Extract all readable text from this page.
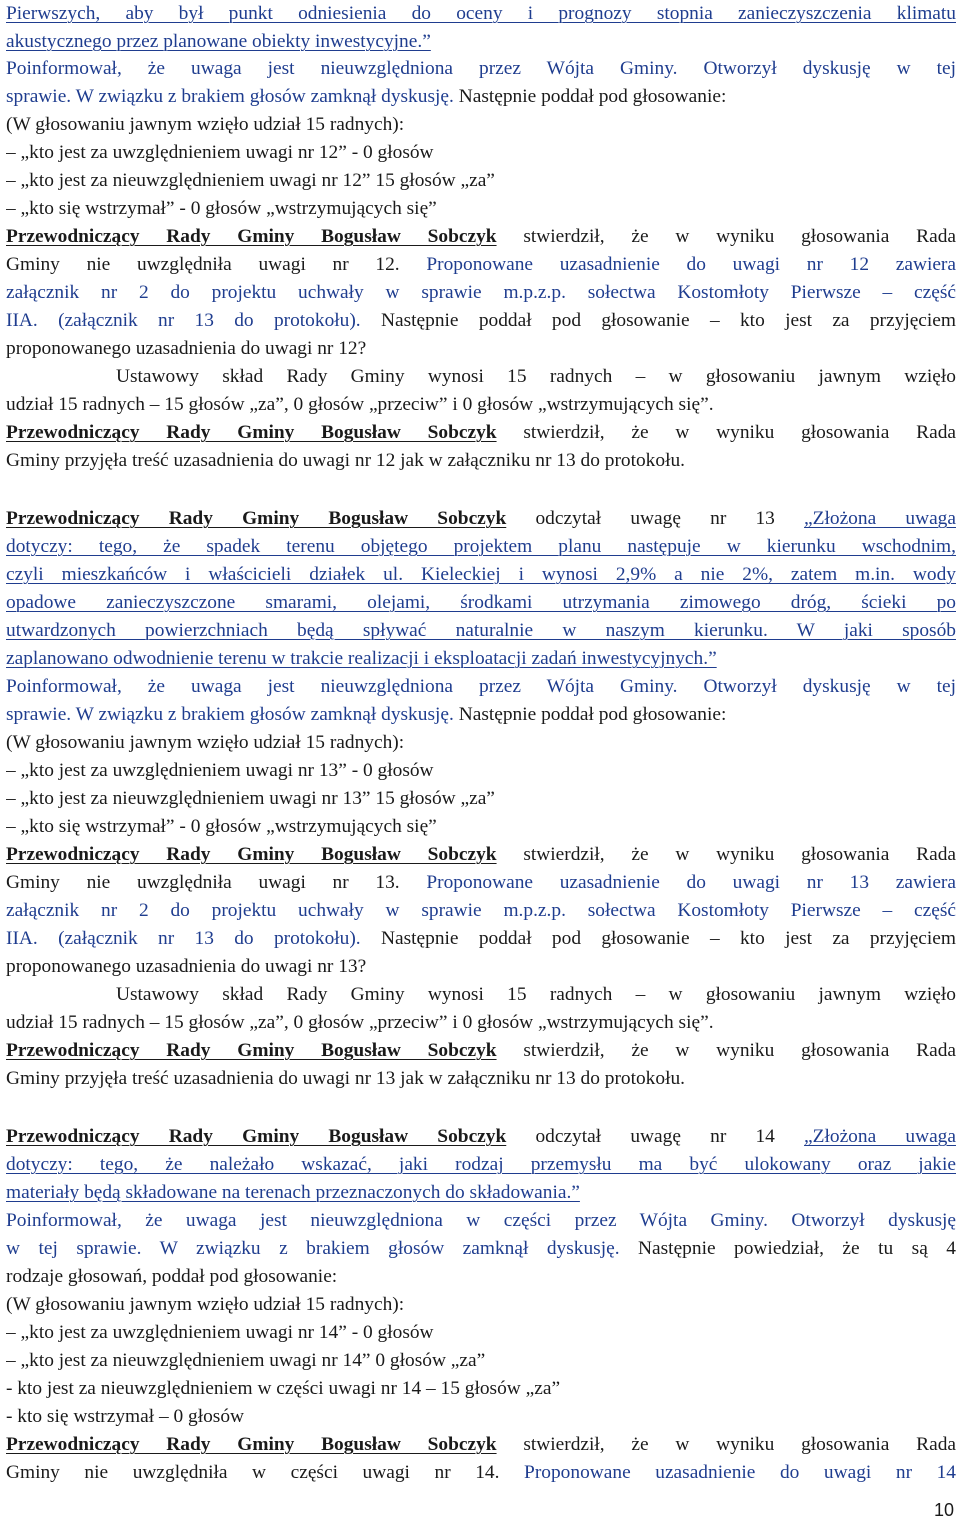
Pierwszych, aby był punkt odniesienia do oceny i prognozy stopnia zanieczyszczenia klimatu
akustycznego przez planowane obiekty inwestycyjne.”
Poinformował, że uwaga jest nieuwzględniona przez Wójta Gminy. Otworzył dyskusję w tej
sprawie. W związku z brakiem głosów zamknął dyskusję. Następnie poddał pod głosowanie:
(W głosowaniu jawnym wzięło udział 15 radnych):
– „kto jest za uwzględnieniem uwagi nr 12” - 0 głosów
– „kto jest za nieuwzględnieniem uwagi nr 12” 15 głosów „za”
– „kto się wstrzymał” - 0 głosów „wstrzymujących się”
Przewodniczący Rady Gminy Bogusław Sobczyk stwierdził, że w wyniku głosowania Rada
Gminy nie uwzględniła uwagi nr 12. Proponowane uzasadnienie do uwagi nr 12 zawiera
załącznik nr 2 do projektu uchwały w sprawie m.p.z.p. sołectwa Kostomłoty Pierwsze – część
IIA. (załącznik nr 13 do protokołu). Następnie poddał pod głosowanie – kto jest za przyjęciem
proponowanego uzasadnienia do uwagi nr 12?
Ustawowy skład Rady Gminy wynosi 15 radnych – w głosowaniu jawnym wzięło
udział 15 radnych – 15 głosów „za”, 0 głosów „przeciw” i 0 głosów „wstrzymujących się”.
Przewodniczący Rady Gminy Bogusław Sobczyk stwierdził, że w wyniku głosowania Rada
Gminy przyjęła treść uzasadnienia do uwagi nr 12 jak w załączniku nr 13 do protokołu.
Przewodniczący Rady Gminy Bogusław Sobczyk odczytał uwagę nr 13 „Złożona uwaga
dotyczy: tego, że spadek terenu objętego projektem planu następuje w kierunku wschodnim,
czyli mieszkańców i właścicieli działek ul. Kieleckiej i wynosi 2,9% a nie 2%, zatem m.in. wody
opadowe zanieczyszczone smarami, olejami, środkami utrzymania zimowego dróg, ścieki po
utwardzonych powierzchniach będą spływać naturalnie w naszym kierunku. W jaki sposób
zaplanowano odwodnienie terenu w trakcie realizacji i eksploatacji zadań inwestycyjnych.”
Poinformował, że uwaga jest nieuwzględniona przez Wójta Gminy. Otworzył dyskusję w tej
sprawie. W związku z brakiem głosów zamknął dyskusję. Następnie poddał pod głosowanie:
(W głosowaniu jawnym wzięło udział 15 radnych):
– „kto jest za uwzględnieniem uwagi nr 13” - 0 głosów
– „kto jest za nieuwzględnieniem uwagi nr 13” 15 głosów „za”
– „kto się wstrzymał” - 0 głosów „wstrzymujących się”
Przewodniczący Rady Gminy Bogusław Sobczyk stwierdził, że w wyniku głosowania Rada
Gminy nie uwzględniła uwagi nr 13. Proponowane uzasadnienie do uwagi nr 13 zawiera
załącznik nr 2 do projektu uchwały w sprawie m.p.z.p. sołectwa Kostomłoty Pierwsze – część
IIA. (załącznik nr 13 do protokołu). Następnie poddał pod głosowanie – kto jest za przyjęciem
proponowanego uzasadnienia do uwagi nr 13?
Ustawowy skład Rady Gminy wynosi 15 radnych – w głosowaniu jawnym wzięło
udział 15 radnych – 15 głosów „za”, 0 głosów „przeciw” i 0 głosów „wstrzymujących się”.
Przewodniczący Rady Gminy Bogusław Sobczyk stwierdził, że w wyniku głosowania Rada
Gminy przyjęła treść uzasadnienia do uwagi nr 13 jak w załączniku nr 13 do protokołu.
Przewodniczący Rady Gminy Bogusław Sobczyk odczytał uwagę nr 14 „Złożona uwaga
dotyczy: tego, że należało wskazać, jaki rodzaj przemysłu ma być ulokowany oraz jakie
materiały będą składowane na terenach przeznaczonych do składowania.”
Poinformował, że uwaga jest nieuwzględniona w części przez Wójta Gminy. Otworzył dyskusję
w tej sprawie. W związku z brakiem głosów zamknął dyskusję. Następnie powiedział, że tu są 4
rodzaje głosowań, poddał pod głosowanie:
(W głosowaniu jawnym wzięło udział 15 radnych):
– „kto jest za uwzględnieniem uwagi nr 14” - 0 głosów
– „kto jest za nieuwzględnieniem uwagi nr 14” 0 głosów „za”
- kto jest za nieuwzględnieniem w części uwagi nr 14 – 15 głosów „za”
- kto się wstrzymał – 0 głosów
Przewodniczący Rady Gminy Bogusław Sobczyk stwierdził, że w wyniku głosowania Rada
Gminy nie uwzględniła w części uwagi nr 14. Proponowane uzasadnienie do uwagi nr 14
10
